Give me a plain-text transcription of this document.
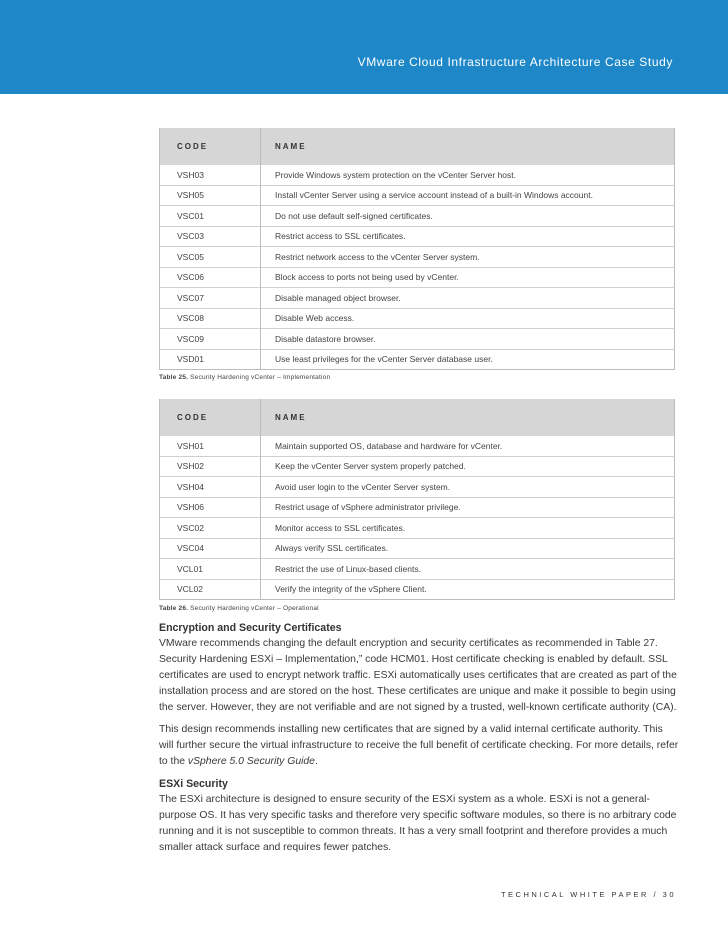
VMware Cloud Infrastructure Architecture Case Study
CODE	NAME
VSH03	Provide Windows system protection on the vCenter Server host.
VSH05	Install vCenter Server using a service account instead of a built-in Windows account.
VSC01	Do not use default self-signed certificates.
VSC03	Restrict access to SSL certificates.
VSC05	Restrict network access to the vCenter Server system.
VSC06	Block access to ports not being used by vCenter.
VSC07	Disable managed object browser.
VSC08	Disable Web access.
VSC09	Disable datastore browser.
VSD01	Use least privileges for the vCenter Server database user.
Table 25. Security Hardening vCenter – Implementation
CODE	NAME
VSH01	Maintain supported OS, database and hardware for vCenter.
VSH02	Keep the vCenter Server system properly patched.
VSH04	Avoid user login to the vCenter Server system.
VSH06	Restrict usage of vSphere administrator privilege.
VSC02	Monitor access to SSL certificates.
VSC04	Always verify SSL certificates.
VCL01	Restrict the use of Linux-based clients.
VCL02	Verify the integrity of the vSphere Client.
Table 26. Security Hardening vCenter – Operational
Encryption and Security Certificates

VMware recommends changing the default encryption and security certificates as recommended in Table 27. Security Hardening ESXi – Implementation,” code HCM01. Host certificate checking is enabled by default. SSL certificates are used to encrypt network traffic. ESXi automatically uses certificates that are created as part of the installation process and are stored on the host. These certificates are unique and make it possible to begin using the server. However, they are not verifiable and are not signed by a trusted, well-known certificate authority (CA).

This design recommends installing new certificates that are signed by a valid internal certificate authority. This will further secure the virtual infrastructure to receive the full benefit of certificate checking. For more details, refer to the vSphere 5.0 Security Guide.

ESXi Security

The ESXi architecture is designed to ensure security of the ESXi system as a whole. ESXi is not a general-purpose OS. It has very specific tasks and therefore very specific software modules, so there is no arbitrary code running and it is not susceptible to common threats. It has a very small footprint and therefore provides a much smaller attack surface and requires fewer patches.

TECHNICAL WHITE PAPER / 30
